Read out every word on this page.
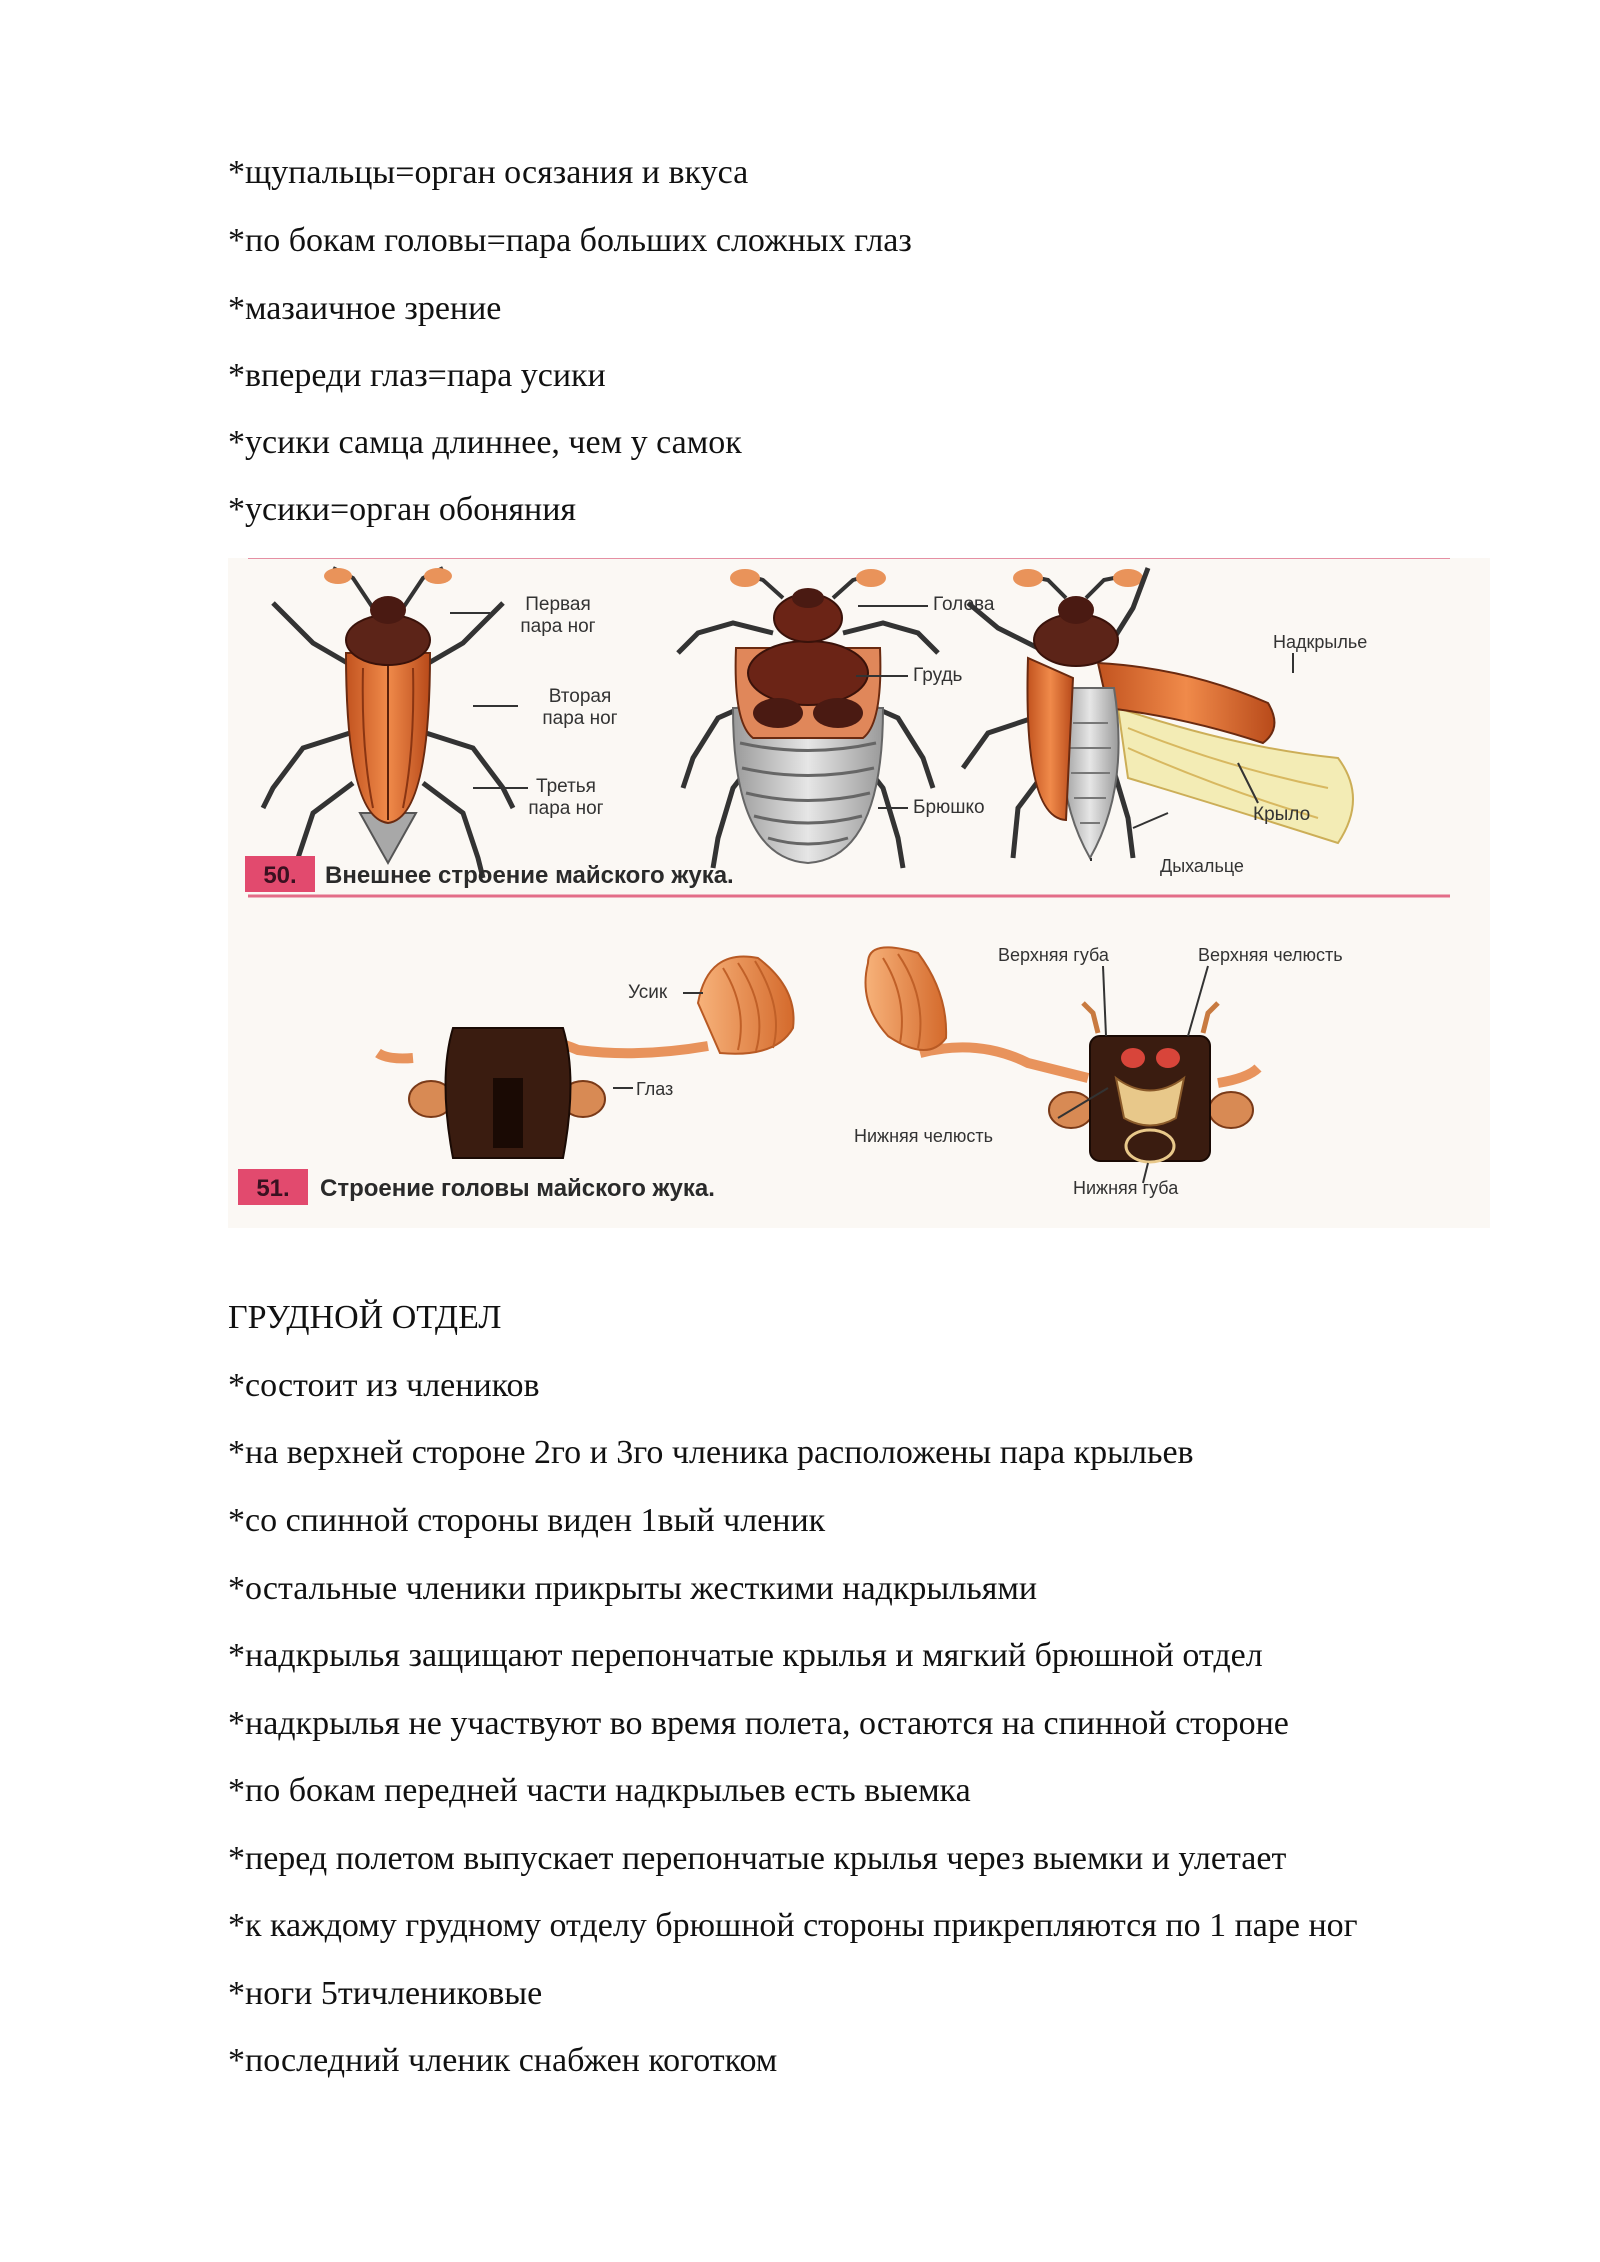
*щупальцы=орган осязания и вкуса
*по бокам головы=пара больших сложных глаз
*мазаичное зрение
*впереди глаз=пара усики
*усики самца длиннее, чем у самок
*усики=орган обоняния
Первая
пара ног
Вторая
пара ног
Третья
пара ног
Голова
Грудь
Брюшко
Надкрылье
Крыло
Дыхальце
50. Внешнее строение майского жука.
Усик
Глаз
Верхняя губа	Верхняя челюсть
Нижняя челюсть
Нижняя губа
51. Строение головы майского жука.
ГРУДНОЙ ОТДЕЛ
*состоит из члеников
*на верхней стороне 2го и 3го членика расположены пара крыльев
*со спинной стороны виден 1вый членик
*остальные членики прикрыты жесткими надкрыльями
*надкрылья защищают перепончатые крылья и мягкий брюшной отдел
*надкрылья не участвуют во время полета, остаются на спинной стороне
*по бокам передней части надкрыльев есть выемка
*перед полетом выпускает перепончатые крылья через выемки и улетает
*к каждому грудному отделу брюшной стороны прикрепляются по 1 паре ног
*ноги 5тичлениковые
*последний членик снабжен коготком
